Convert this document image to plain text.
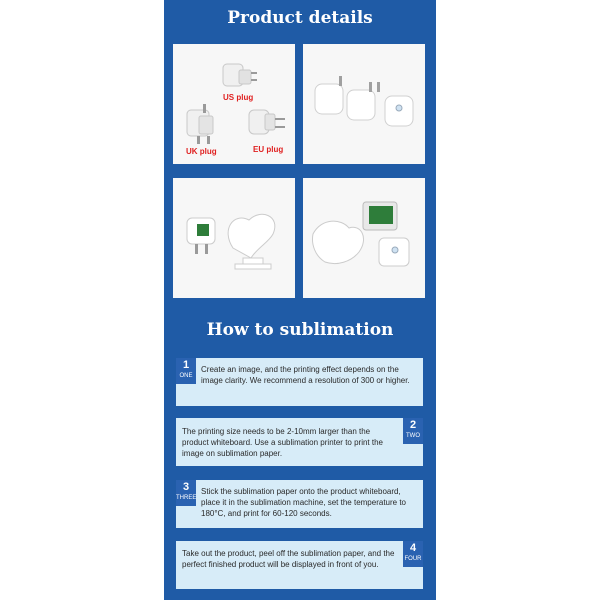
Product details
US plug
UK plug	EU plug
How to sublimation
1
ONE
Create an image, and the printing effect depends on the image clarity. We recommend a resolution of 300 or higher.
The printing size needs to be 2-10mm larger than the product whiteboard. Use a sublimation printer to print the image on sublimation paper.
2
TWO
3
THREE
Stick the sublimation paper onto the product whiteboard, place it in the sublimation machine, set the temperature to 180°C, and print for 60-120 seconds.
Take out the product, peel off the sublimation paper, and the perfect finished product will be displayed in front of you.
4
FOUR
